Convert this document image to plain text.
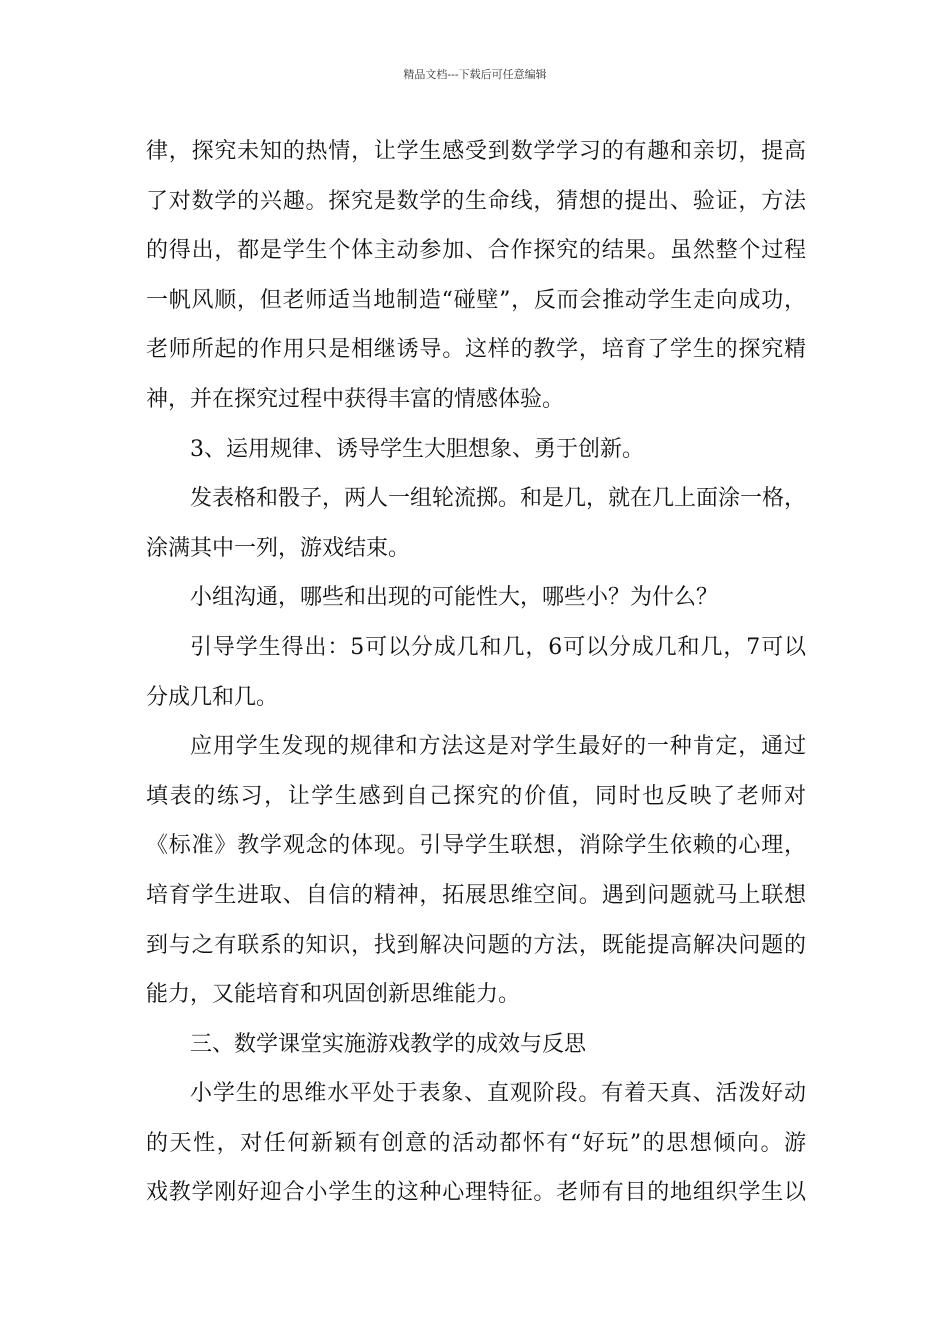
精品文档---下载后可任意编辑
律，探究未知的热情，让学生感受到数学学习的有趣和亲切，提高
了对数学的兴趣。探究是数学的生命线，猜想的提出、验证，方法
的得出，都是学生个体主动参加、合作探究的结果。虽然整个过程
一帆风顺，但老师适当地制造“碰壁”，反而会推动学生走向成功，
老师所起的作用只是相继诱导。这样的教学，培育了学生的探究精
神，并在探究过程中获得丰富的情感体验。
3、运用规律、诱导学生大胆想象、勇于创新。
发表格和骰子，两人一组轮流掷。和是几，就在几上面涂一格，
涂满其中一列，游戏结束。
小组沟通，哪些和出现的可能性大，哪些小？为什么？
引导学生得出：5可以分成几和几，6可以分成几和几，7可以
分成几和几。
应用学生发现的规律和方法这是对学生最好的一种肯定，通过
填表的练习，让学生感到自己探究的价值，同时也反映了老师对
《标准》教学观念的体现。引导学生联想，消除学生依赖的心理，
培育学生进取、自信的精神，拓展思维空间。遇到问题就马上联想
到与之有联系的知识，找到解决问题的方法，既能提高解决问题的
能力，又能培育和巩固创新思维能力。
三、数学课堂实施游戏教学的成效与反思
小学生的思维水平处于表象、直观阶段。有着天真、活泼好动
的天性，对任何新颖有创意的活动都怀有“好玩”的思想倾向。游
戏教学刚好迎合小学生的这种心理特征。老师有目的地组织学生以
